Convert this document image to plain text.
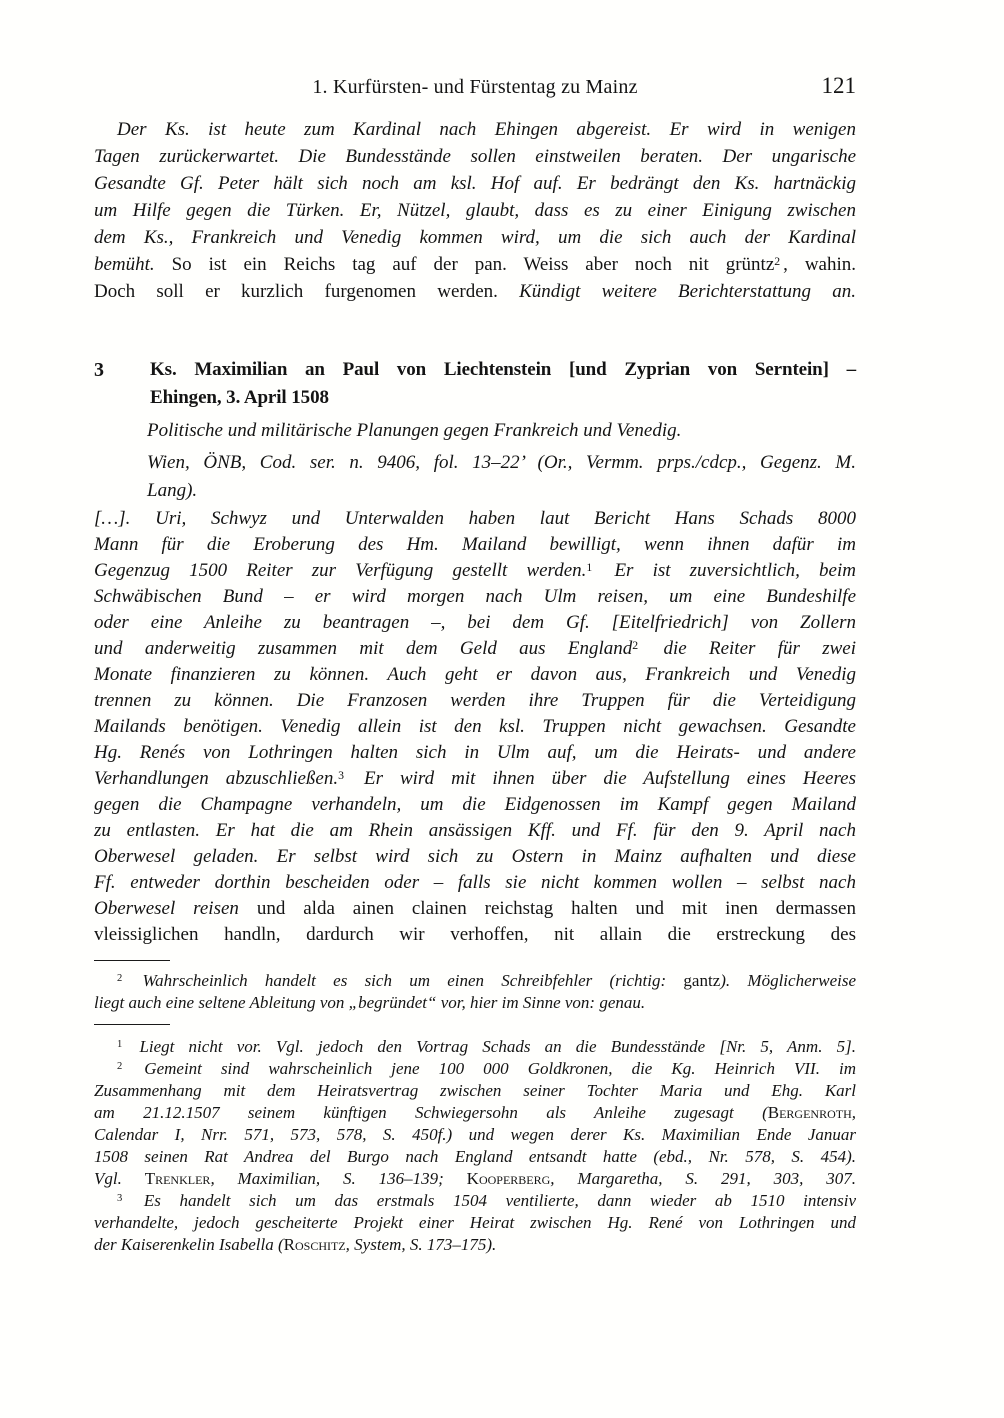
1. Kurfürsten- und Fürstentag zu Mainz	121
Der Ks. ist heute zum Kardinal nach Ehingen abgereist. Er wird in wenigen
Tagen zurückerwartet. Die Bundesstände sollen einstweilen beraten. Der ungarische
Gesandte Gf. Peter hält sich noch am ksl. Hof auf. Er bedrängt den Ks. hartnäckig
um Hilfe gegen die Türken. Er, Nützel, glaubt, dass es zu einer Einigung zwischen
dem Ks., Frankreich und Venedig kommen wird, um die sich auch der Kardinal
bemüht. So ist ein Reichs tag auf der pan. Weiss aber noch nit grüntz$^2$ , wahin.
Doch soll er kurzlich furgenomen werden. Kündigt weitere Berichterstattung an.
3 Ks. Maximilian an Paul von Liechtenstein [und Zyprian von Serntein] –
Ehingen, 3. April 1508
Politische und militärische Planungen gegen Frankreich und Venedig.
Wien, ÖNB, Cod. ser. n. 9406, fol. 13–22’ (Or., Vermm. prps./cdcp., Gegenz. M.
Lang).
[…]. Uri, Schwyz und Unterwalden haben laut Bericht Hans Schads 8000
Mann für die Eroberung des Hm. Mailand bewilligt, wenn ihnen dafür im
Gegenzug 1500 Reiter zur Verfügung gestellt werden.$^1$ Er ist zuversichtlich, beim
Schwäbischen Bund – er wird morgen nach Ulm reisen, um eine Bundeshilfe
oder eine Anleihe zu beantragen –, bei dem Gf. [Eitelfriedrich] von Zollern
und anderweitig zusammen mit dem Geld aus England$^2$ die Reiter für zwei
Monate finanzieren zu können. Auch geht er davon aus, Frankreich und Venedig
trennen zu können. Die Franzosen werden ihre Truppen für die Verteidigung
Mailands benötigen. Venedig allein ist den ksl. Truppen nicht gewachsen. Gesandte
Hg. Renés von Lothringen halten sich in Ulm auf, um die Heirats- und andere
Verhandlungen abzuschließen.$^3$ Er wird mit ihnen über die Aufstellung eines Heeres
gegen die Champagne verhandeln, um die Eidgenossen im Kampf gegen Mailand
zu entlasten. Er hat die am Rhein ansässigen Kff. und Ff. für den 9. April nach
Oberwesel geladen. Er selbst wird sich zu Ostern in Mainz aufhalten und diese
Ff. entweder dorthin bescheiden oder – falls sie nicht kommen wollen – selbst nach
Oberwesel reisen und alda ainen clainen reichstag halten und mit inen dermassen
vleissiglichen handln, dardurch wir verhoffen, nit allain die erstreckung des
$^2$ Wahrscheinlich handelt es sich um einen Schreibfehler (richtig: gantz). Möglicherweise
liegt auch eine seltene Ableitung von „begründet“ vor, hier im Sinne von: genau.
$^1$ Liegt nicht vor. Vgl. jedoch den Vortrag Schads an die Bundesstände [Nr. 5, Anm. 5].
$^2$ Gemeint sind wahrscheinlich jene 100 000 Goldkronen, die Kg. Heinrich VII. im
Zusammenhang mit dem Heiratsvertrag zwischen seiner Tochter Maria und Ehg. Karl
am 21.12.1507 seinem künftigen Schwiegersohn als Anleihe zugesagt (Bergenroth,
Calendar I, Nrr. 571, 573, 578, S. 450f.) und wegen derer Ks. Maximilian Ende Januar
1508 seinen Rat Andrea del Burgo nach England entsandt hatte (ebd., Nr. 578, S. 454).
Vgl. Trenkler, Maximilian, S. 136–139; Kooperberg, Margaretha, S. 291, 303, 307.
$^3$ Es handelt sich um das erstmals 1504 ventilierte, dann wieder ab 1510 intensiv
verhandelte, jedoch gescheiterte Projekt einer Heirat zwischen Hg. René von Lothringen und
der Kaiserenkelin Isabella (Roschitz, System, S. 173–175).
